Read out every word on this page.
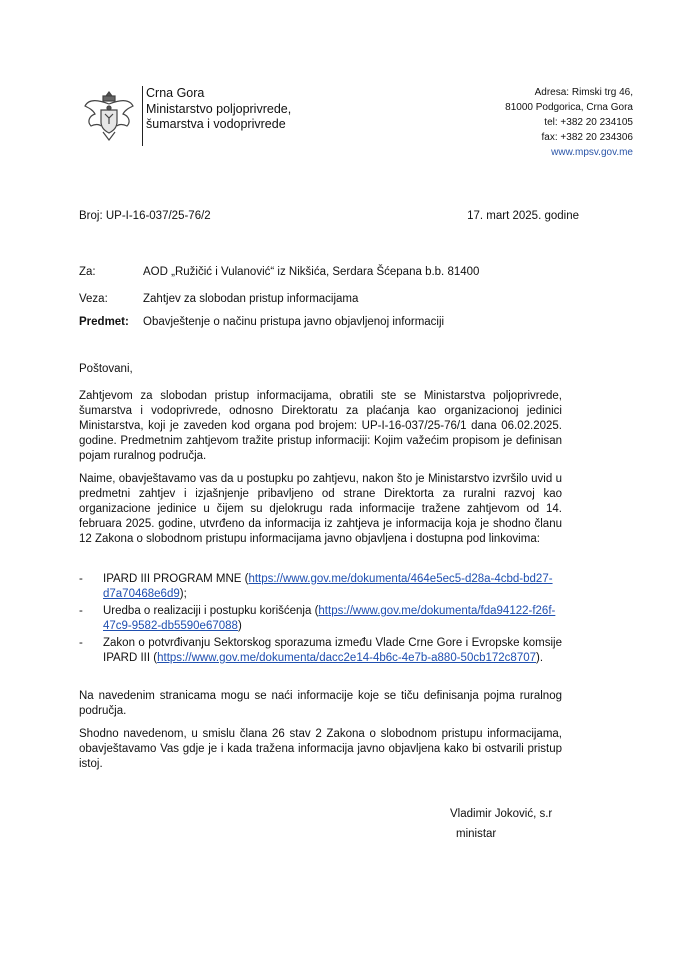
Crna Gora
Ministarstvo poljoprivrede,
šumarstva i vodoprivrede
Adresa: Rimski trg 46,
81000 Podgorica, Crna Gora
tel: +382 20 234105
fax: +382 20 234306
www.mpsv.gov.me
Broj: UP-I-16-037/25-76/2	17. mart 2025. godine
Za:	AOD „Ružičić i Vulanović“ iz Nikšića, Serdara Šćepana b.b. 81400
Veza:	Zahtjev za slobodan pristup informacijama
Predmet: Obavještenje o načinu pristupa javno objavljenoj informaciji

Poštovani,

Zahtjevom za slobodan pristup informacijama, obratili ste se Ministarstva poljoprivrede, šumarstva i vodoprivrede, odnosno Direktoratu za plaćanja kao organizacionoj jedinici Ministarstva, koji je zaveden kod organa pod brojem: UP-I-16-037/25-76/1 dana 06.02.2025. godine. Predmetnim zahtjevom tražite pristup informaciji: Kojim važećim propisom je definisan pojam ruralnog područja.

Naime, obavještavamo vas da u postupku po zahtjevu, nakon što je Ministarstvo izvršilo uvid u predmetni zahtjev i izjašnjenje pribavljeno od strane Direktorta za ruralni razvoj kao organizacione jedinice u čijem su djelokrugu rada informacije tražene zahtjevom od 14. februara 2025. godine, utvrđeno da informacija iz zahtjeva je informacija koja je shodno članu 12 Zakona o slobodnom pristupu informacijama javno objavljena i dostupna pod linkovima:

- IPARD III PROGRAM MNE (https://www.gov.me/dokumenta/464e5ec5-d28a-4cbd-bd27-d7a70468e6d9);
- Uredba o realizaciji i postupku korišćenja (https://www.gov.me/dokumenta/fda94122-f26f-47c9-9582-db5590e67088)
- Zakon o potvrđivanju Sektorskog sporazuma između Vlade Crne Gore i Evropske komsije IPARD III (https://www.gov.me/dokumenta/dacc2e14-4b6c-4e7b-a880-50cb172c8707).

Na navedenim stranicama mogu se naći informacije koje se tiču definisanja pojma ruralnog područja.

Shodno navedenom, u smislu člana 26 stav 2 Zakona o slobodnom pristupu informacijama, obavještavamo Vas gdje je i kada tražena informacija javno objavljena kako bi ostvarili pristup istoj.

Vladimir Joković, s.r
ministar
